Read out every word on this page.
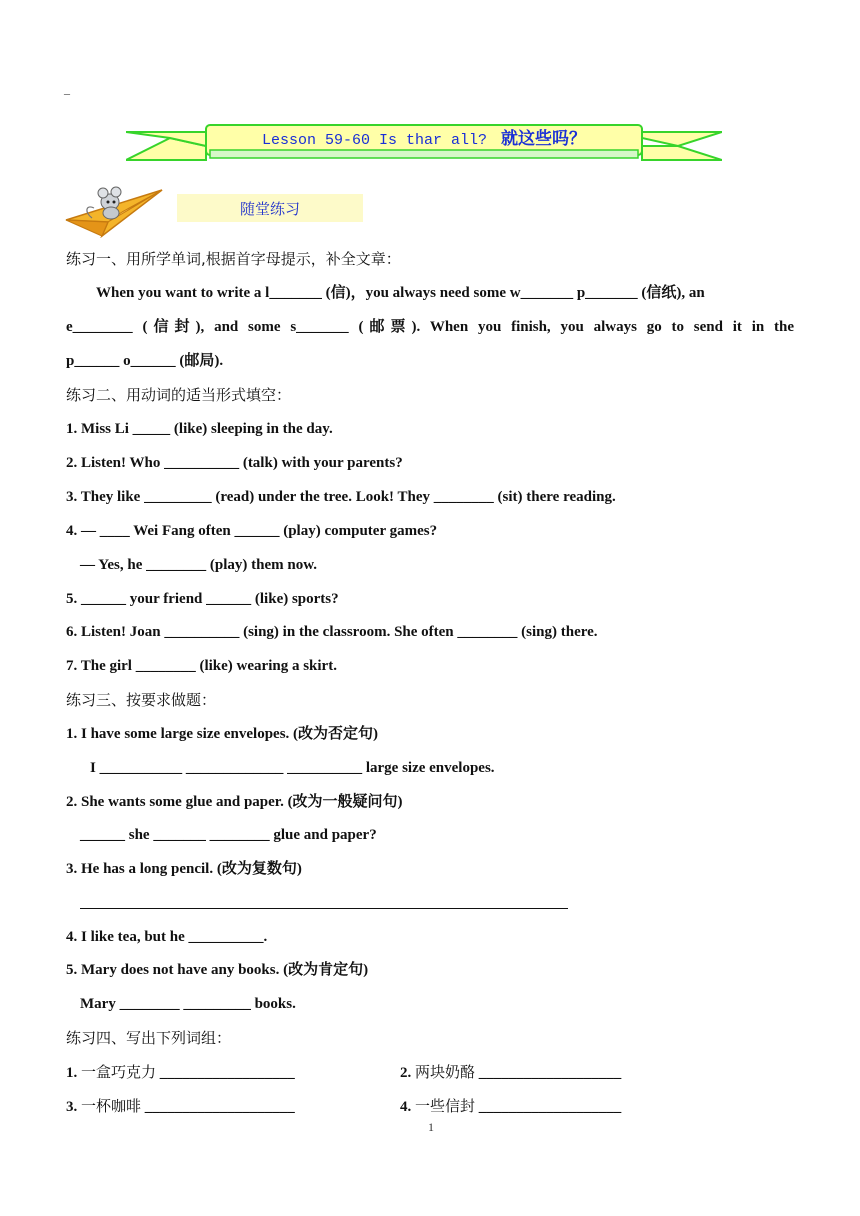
_
Lesson 59-60 Is thar all? 就这些吗？
随堂练习
练习一、用所学单词,根据首字母提示，补全文章：
When you want to write a l_______ (信)，you always need some w_______ p_______ (信纸), an
e________ (信封), and some s_______ (邮票). When you finish, you always go to send it in the
p______ o______ (邮局).
练习二、用动词的适当形式填空：
1. Miss Li _____ (like) sleeping in the day.
2. Listen! Who __________ (talk) with your parents?
3. They like _________ (read) under the tree. Look! They ________ (sit) there reading.
4. — ____ Wei Fang often ______ (play) computer games?
— Yes, he ________ (play) them now.
5. ______ your friend ______ (like) sports?
6. Listen! Joan __________ (sing) in the classroom. She often ________ (sing) there.
7. The girl ________ (like) wearing a skirt.
练习三、按要求做题：
1. I have some large size envelopes. (改为否定句)
I ___________ _____________ __________ large size envelopes.
2. She wants some glue and paper. (改为一般疑问句)
______ she _______ ________ glue and paper?
3. He has a long pencil. (改为复数句)
4. I like tea, but he __________.
5. Mary does not have any books. (改为肯定句)
Mary ________ _________ books.
练习四、写出下列词组：
1. 一盒巧克力 __________________	2. 两块奶酪 ___________________
3. 一杯咖啡 ____________________	4. 一些信封 ___________________
1
